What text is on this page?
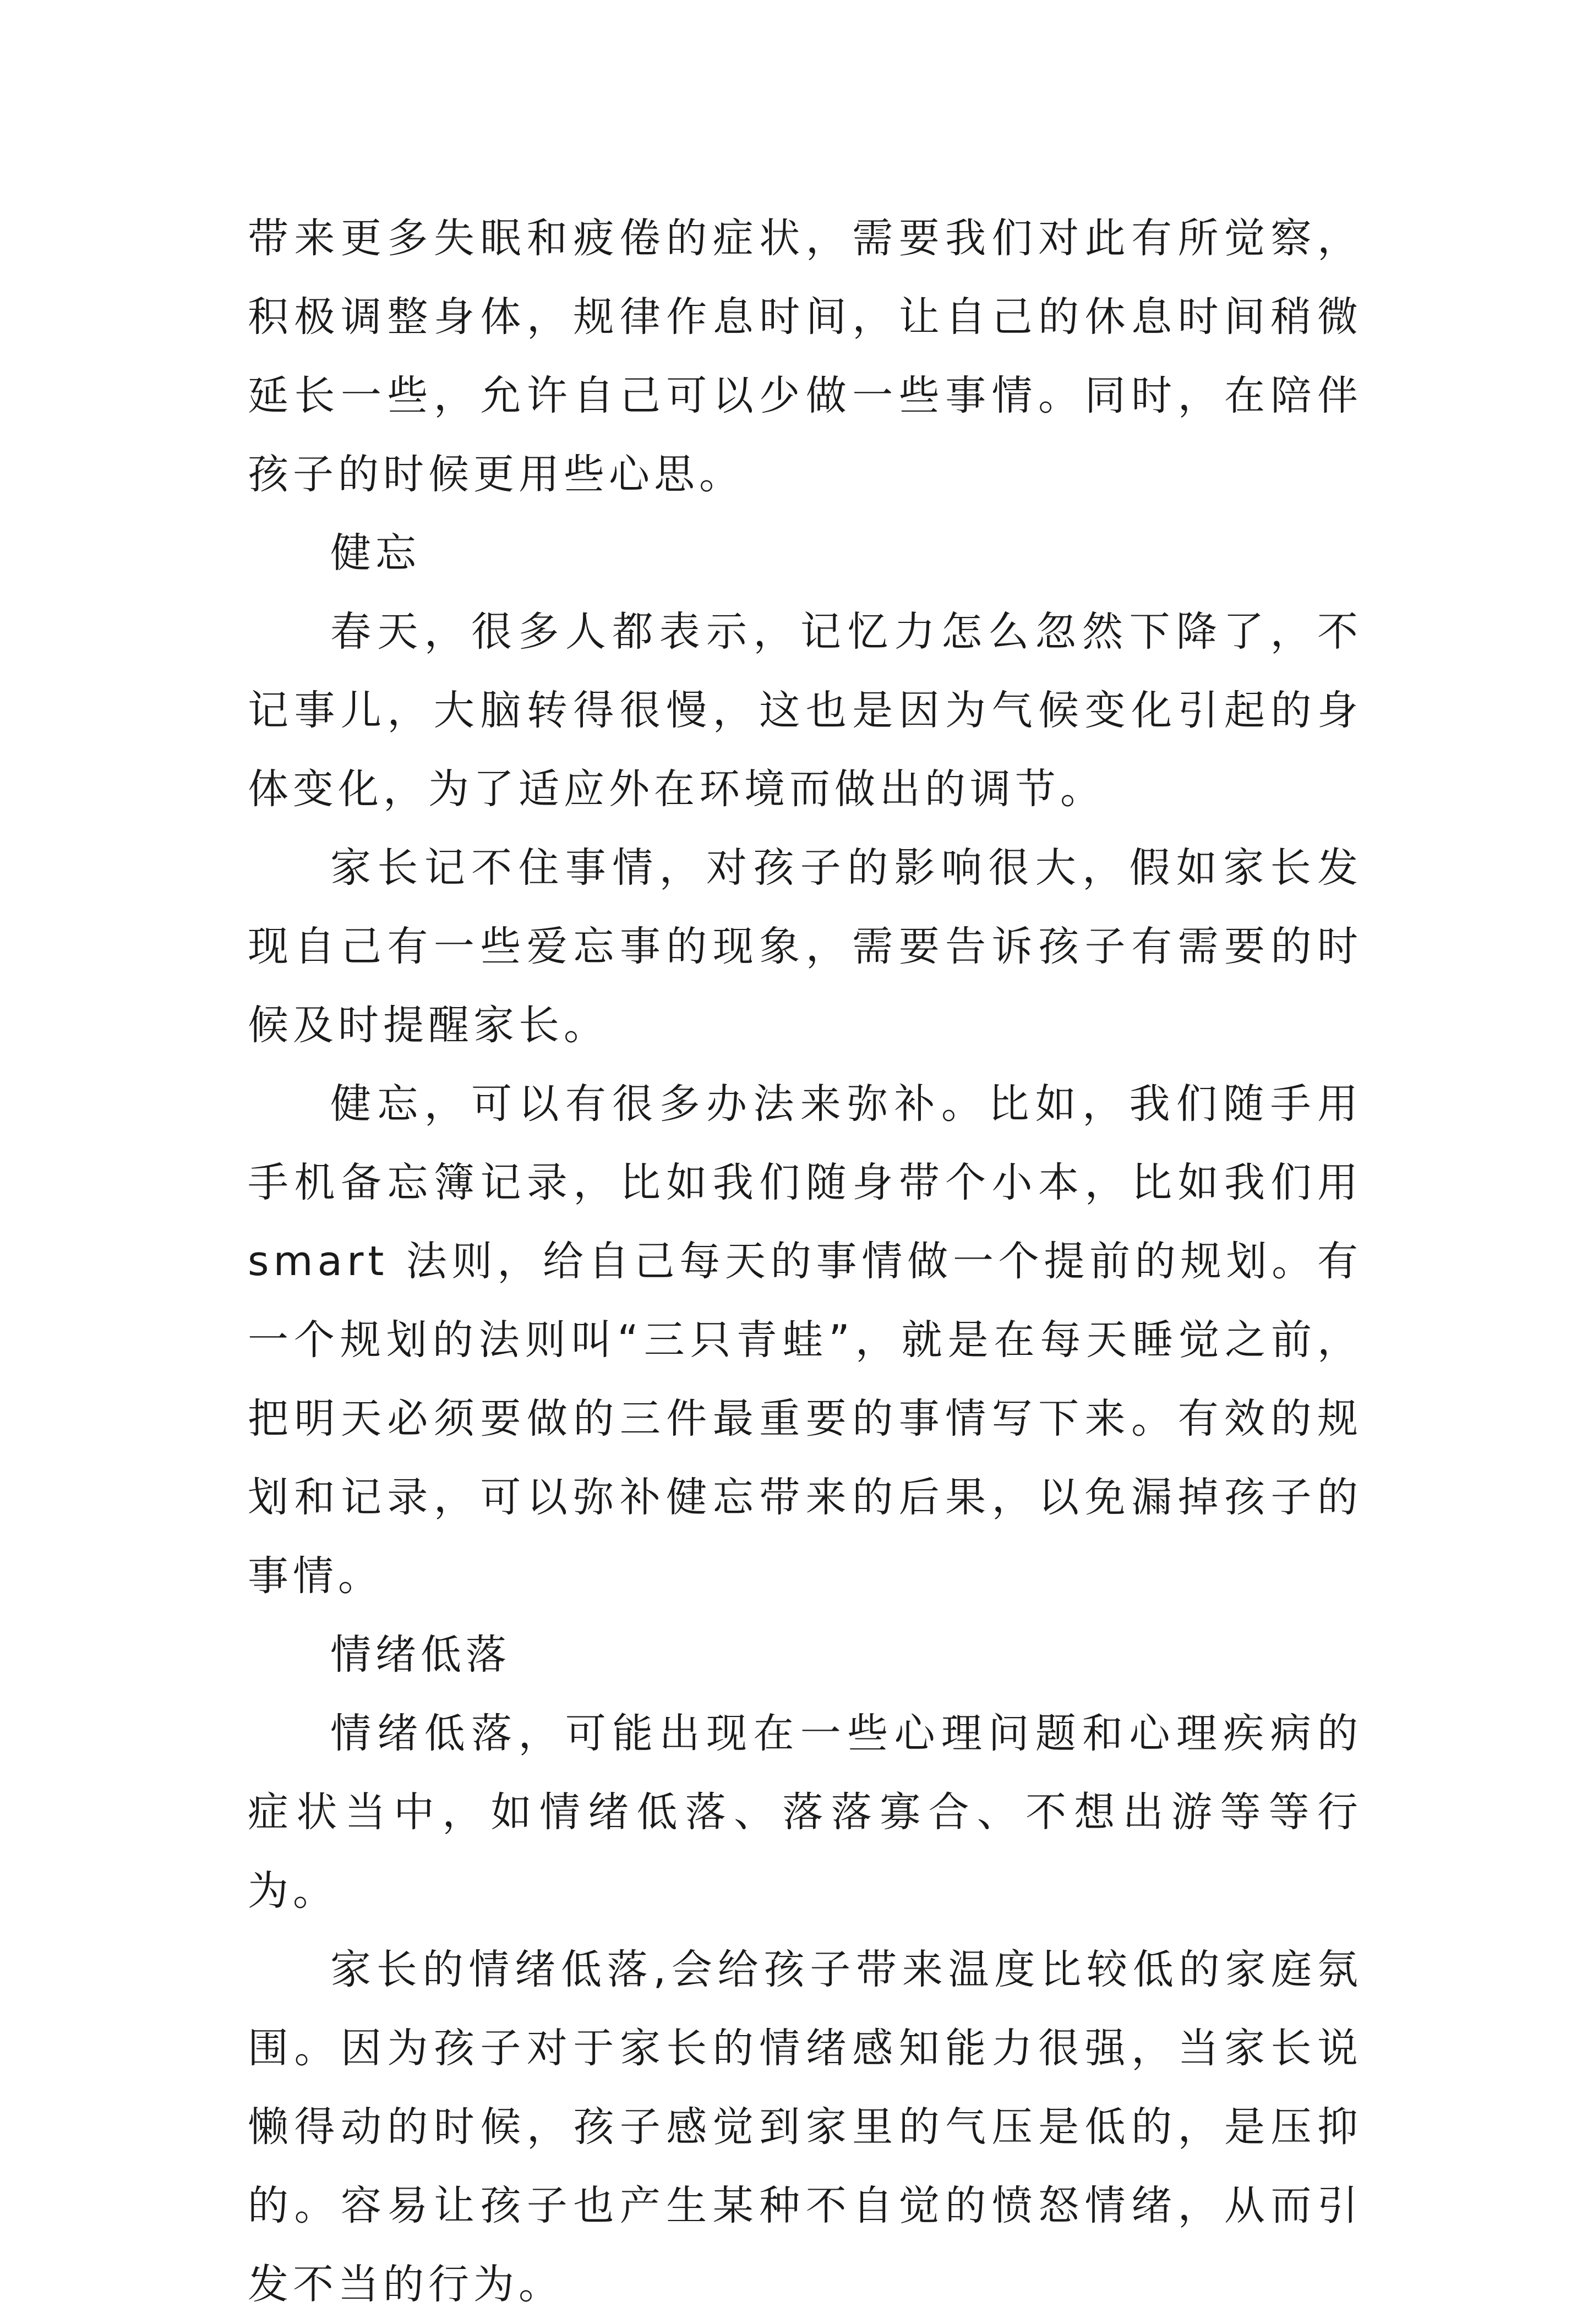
带来更多失眠和疲倦的症状，需要我们对此有所觉察，积极调整身体，规律作息时间，让自己的休息时间稍微延长一些，允许自己可以少做一些事情。同时，在陪伴孩子的时候更用些心思。

健忘

春天，很多人都表示，记忆力怎么忽然下降了，不记事儿，大脑转得很慢，这也是因为气候变化引起的身体变化，为了适应外在环境而做出的调节。

家长记不住事情，对孩子的影响很大，假如家长发现自己有一些爱忘事的现象，需要告诉孩子有需要的时候及时提醒家长。

健忘，可以有很多办法来弥补。比如，我们随手用手机备忘簿记录，比如我们随身带个小本，比如我们用 smart 法则，给自己每天的事情做一个提前的规划。有一个规划的法则叫“三只青蛙”，就是在每天睡觉之前，把明天必须要做的三件最重要的事情写下来。有效的规划和记录，可以弥补健忘带来的后果，以免漏掉孩子的事情。

情绪低落

情绪低落，可能出现在一些心理问题和心理疾病的症状当中，如情绪低落、落落寡合、不想出游等等行为。

家长的情绪低落,会给孩子带来温度比较低的家庭氛围。因为孩子对于家长的情绪感知能力很强，当家长说懒得动的时候，孩子感觉到家里的气压是低的，是压抑的。容易让孩子也产生某种不自觉的愤怒情绪，从而引发不当的行为。
